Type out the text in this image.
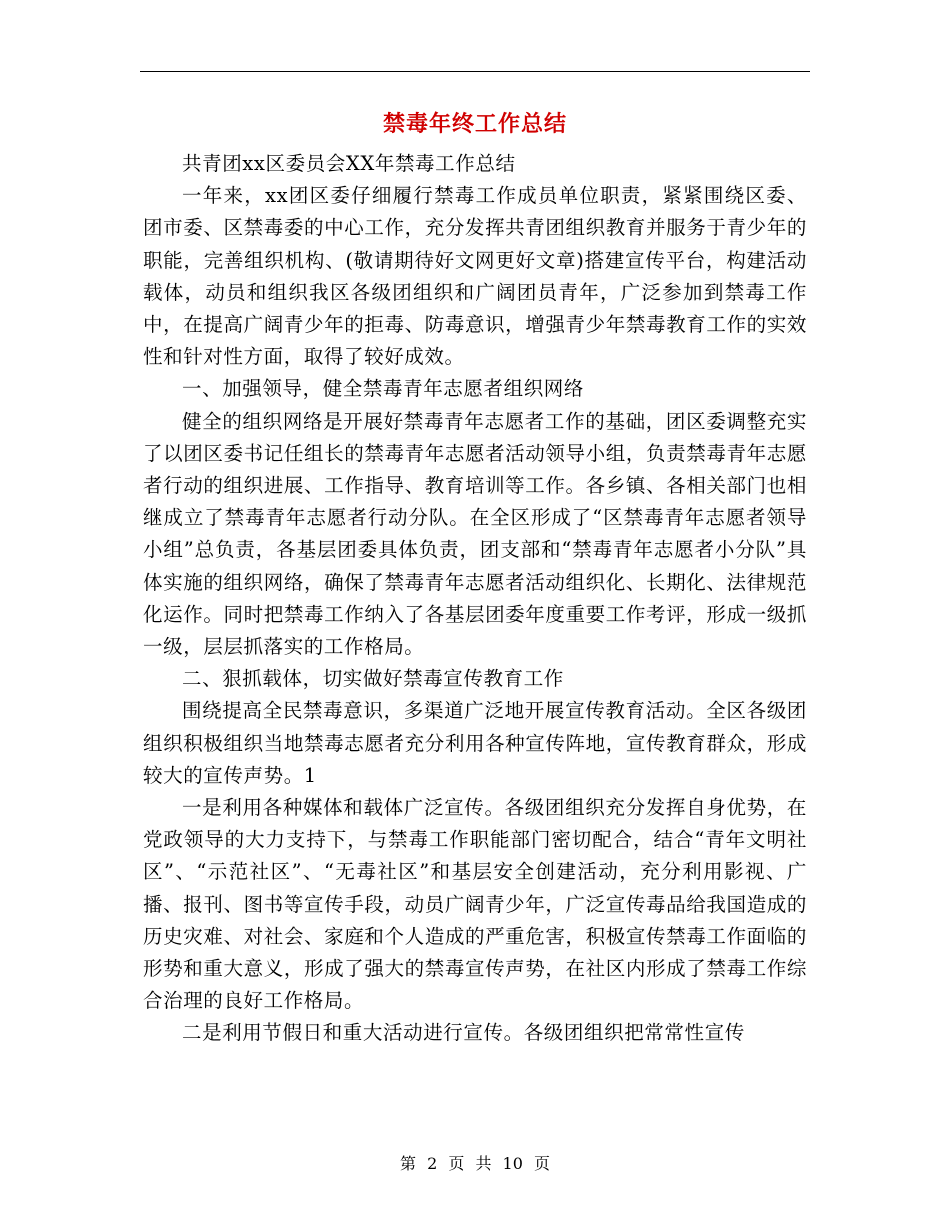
禁毒年终工作总结

共青团xx区委员会XX年禁毒工作总结

一年来，xx团区委仔细履行禁毒工作成员单位职责，紧紧围绕区委、团市委、区禁毒委的中心工作，充分发挥共青团组织教育并服务于青少年的职能，完善组织机构、(敬请期待好文网更好文章)搭建宣传平台，构建活动载体，动员和组织我区各级团组织和广阔团员青年，广泛参加到禁毒工作中，在提高广阔青少年的拒毒、防毒意识，增强青少年禁毒教育工作的实效性和针对性方面，取得了较好成效。

一、加强领导，健全禁毒青年志愿者组织网络

健全的组织网络是开展好禁毒青年志愿者工作的基础，团区委调整充实了以团区委书记任组长的禁毒青年志愿者活动领导小组，负责禁毒青年志愿者行动的组织进展、工作指导、教育培训等工作。各乡镇、各相关部门也相继成立了禁毒青年志愿者行动分队。在全区形成了“区禁毒青年志愿者领导小组”总负责，各基层团委具体负责，团支部和“禁毒青年志愿者小分队”具体实施的组织网络，确保了禁毒青年志愿者活动组织化、长期化、法律规范化运作。同时把禁毒工作纳入了各基层团委年度重要工作考评，形成一级抓一级，层层抓落实的工作格局。

二、狠抓载体，切实做好禁毒宣传教育工作

围绕提高全民禁毒意识，多渠道广泛地开展宣传教育活动。全区各级团组织积极组织当地禁毒志愿者充分利用各种宣传阵地，宣传教育群众，形成较大的宣传声势。1

一是利用各种媒体和载体广泛宣传。各级团组织充分发挥自身优势，在党政领导的大力支持下，与禁毒工作职能部门密切配合，结合“青年文明社区”、“示范社区”、“无毒社区”和基层安全创建活动，充分利用影视、广播、报刊、图书等宣传手段，动员广阔青少年，广泛宣传毒品给我国造成的历史灾难、对社会、家庭和个人造成的严重危害，积极宣传禁毒工作面临的形势和重大意义，形成了强大的禁毒宣传声势，在社区内形成了禁毒工作综合治理的良好工作格局。

二是利用节假日和重大活动进行宣传。各级团组织把常常性宣传

第 2 页 共 10 页
